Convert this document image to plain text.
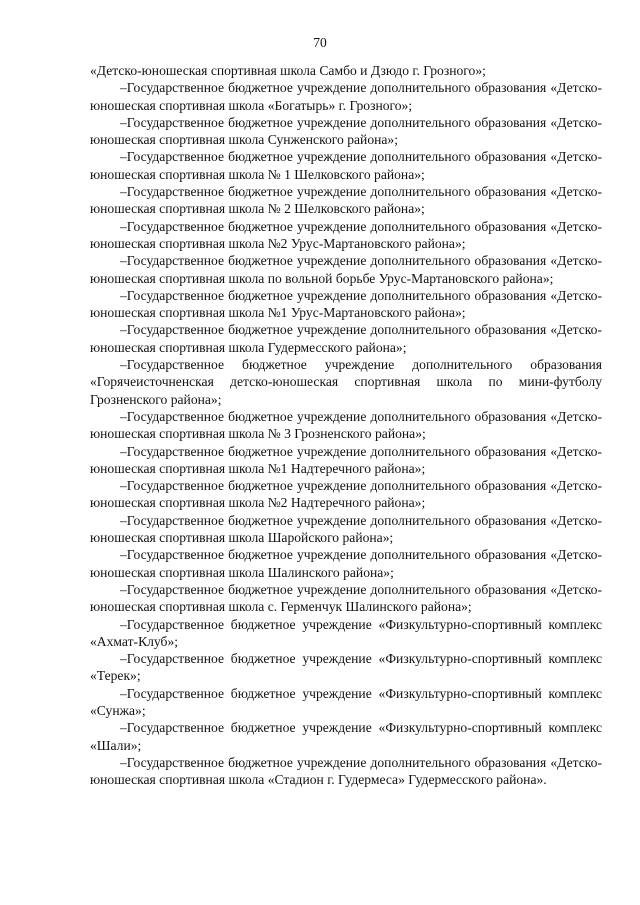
70

«Детско-юношеская спортивная школа Самбо и Дзюдо г. Грозного»;

–Государственное бюджетное учреждение дополнительного образования «Детско-юношеская спортивная школа «Богатырь» г. Грозного»;

–Государственное бюджетное учреждение дополнительного образования «Детско-юношеская спортивная школа Сунженского района»;

–Государственное бюджетное учреждение дополнительного образования «Детско-юношеская спортивная школа № 1 Шелковского района»;

–Государственное бюджетное учреждение дополнительного образования «Детско-юношеская спортивная школа № 2 Шелковского района»;

–Государственное бюджетное учреждение дополнительного образования «Детско-юношеская спортивная школа №2 Урус-Мартановского района»;

–Государственное бюджетное учреждение дополнительного образования «Детско-юношеская спортивная школа по вольной борьбе Урус-Мартановского района»;

–Государственное бюджетное учреждение дополнительного образования «Детско-юношеская спортивная школа №1 Урус-Мартановского района»;

–Государственное бюджетное учреждение дополнительного образования «Детско-юношеская спортивная школа Гудермесского района»;

–Государственное бюджетное учреждение дополнительного образования «Горячеисточненская детско-юношеская спортивная школа по мини-футболу Грозненского района»;

–Государственное бюджетное учреждение дополнительного образования «Детско-юношеская спортивная школа № 3 Грозненского района»;

–Государственное бюджетное учреждение дополнительного образования «Детско-юношеская спортивная школа №1 Надтеречного района»;

–Государственное бюджетное учреждение дополнительного образования «Детско-юношеская спортивная школа №2 Надтеречного района»;

–Государственное бюджетное учреждение дополнительного образования «Детско-юношеская спортивная школа Шаройского района»;

–Государственное бюджетное учреждение дополнительного образования «Детско-юношеская спортивная школа Шалинского района»;

–Государственное бюджетное учреждение дополнительного образования «Детско-юношеская спортивная школа с. Герменчук Шалинского района»;

–Государственное бюджетное учреждение «Физкультурно-спортивный комплекс «Ахмат-Клуб»;

–Государственное бюджетное учреждение «Физкультурно-спортивный комплекс «Терек»;

–Государственное бюджетное учреждение «Физкультурно-спортивный комплекс «Сунжа»;

–Государственное бюджетное учреждение «Физкультурно-спортивный комплекс «Шали»;

–Государственное бюджетное учреждение дополнительного образования «Детско-юношеская спортивная школа «Стадион г. Гудермеса» Гудермесского района».
